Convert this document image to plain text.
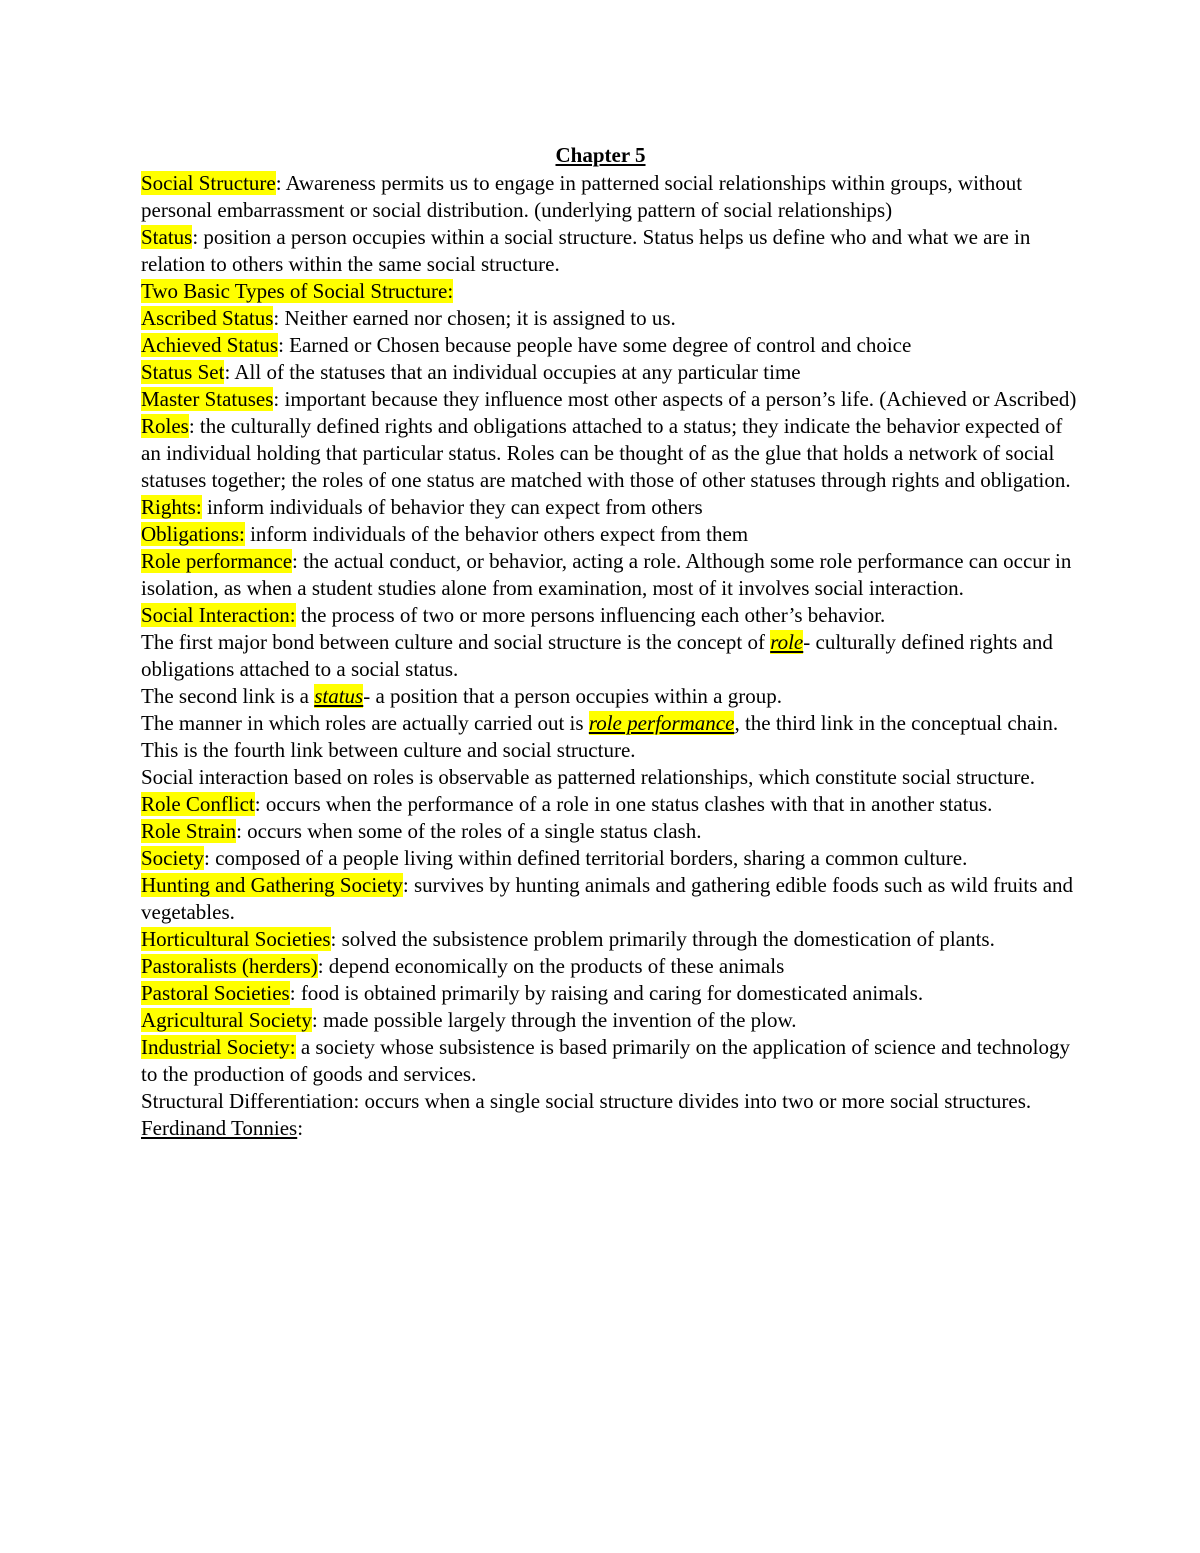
Chapter 5

Social Structure: Awareness permits us to engage in patterned social relationships within groups, without personal embarrassment or social distribution. (underlying pattern of social relationships)

Status: position a person occupies within a social structure. Status helps us define who and what we are in relation to others within the same social structure.

Two Basic Types of Social Structure:

Ascribed Status: Neither earned nor chosen; it is assigned to us.

Achieved Status: Earned or Chosen because people have some degree of control and choice

Status Set: All of the statuses that an individual occupies at any particular time

Master Statuses: important because they influence most other aspects of a person’s life. (Achieved or Ascribed)

Roles: the culturally defined rights and obligations attached to a status; they indicate the behavior expected of an individual holding that particular status. Roles can be thought of as the glue that holds a network of social statuses together; the roles of one status are matched with those of other statuses through rights and obligation.

Rights: inform individuals of behavior they can expect from others

Obligations: inform individuals of the behavior others expect from them

Role performance: the actual conduct, or behavior, acting a role. Although some role performance can occur in isolation, as when a student studies alone from examination, most of it involves social interaction.

Social Interaction: the process of two or more persons influencing each other’s behavior.

The first major bond between culture and social structure is the concept of role- culturally defined rights and obligations attached to a social status.

The second link is a status- a position that a person occupies within a group.

The manner in which roles are actually carried out is role performance, the third link in the conceptual chain. This is the fourth link between culture and social structure.

Social interaction based on roles is observable as patterned relationships, which constitute social structure.

Role Conflict: occurs when the performance of a role in one status clashes with that in another status.

Role Strain: occurs when some of the roles of a single status clash.

Society: composed of a people living within defined territorial borders, sharing a common culture.

Hunting and Gathering Society: survives by hunting animals and gathering edible foods such as wild fruits and vegetables.

Horticultural Societies: solved the subsistence problem primarily through the domestication of plants.

Pastoralists (herders): depend economically on the products of these animals

Pastoral Societies: food is obtained primarily by raising and caring for domesticated animals.

Agricultural Society: made possible largely through the invention of the plow.

Industrial Society: a society whose subsistence is based primarily on the application of science and technology to the production of goods and services.

Structural Differentiation: occurs when a single social structure divides into two or more social structures.

Ferdinand Tonnies:
